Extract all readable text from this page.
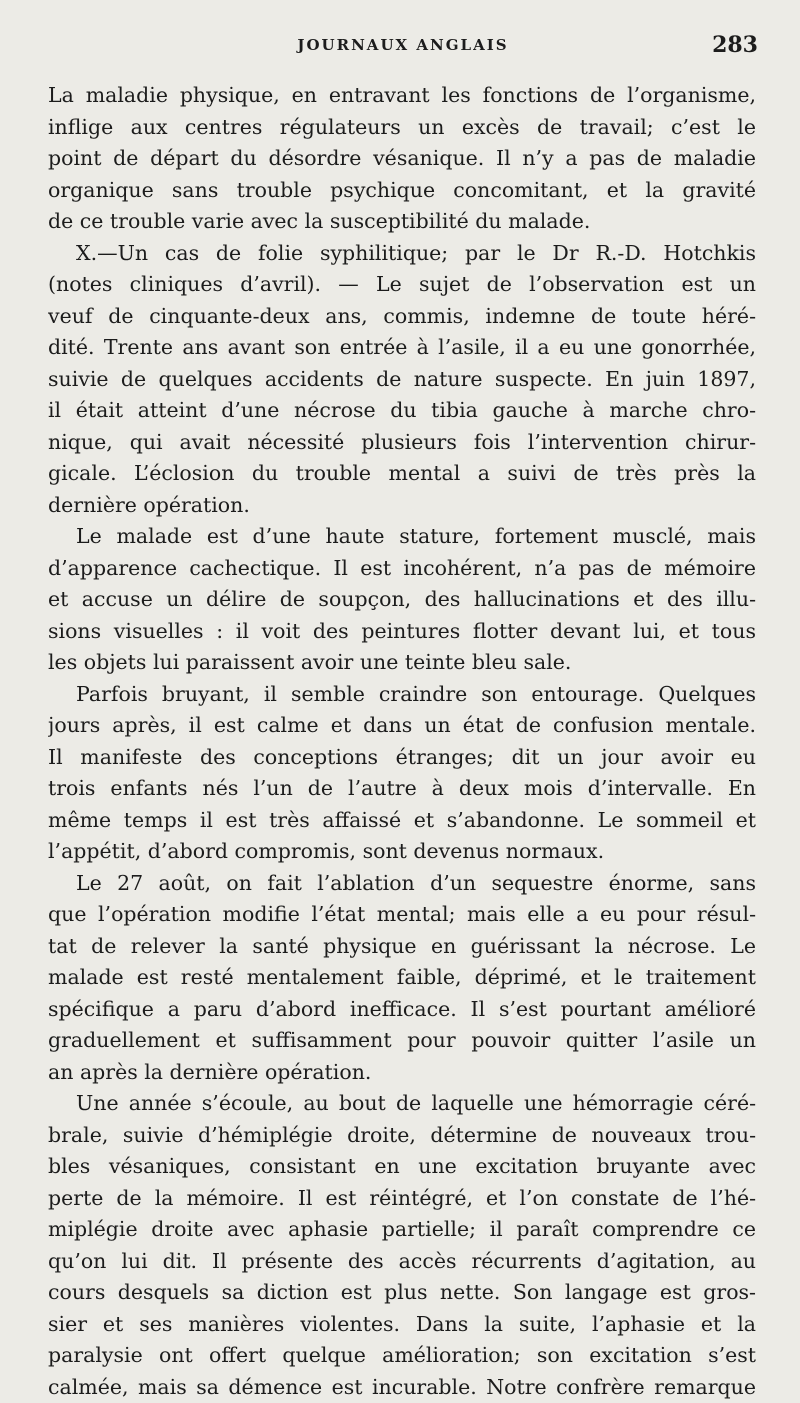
JOURNAUX ANGLAIS	283
La maladie physique, en entravant les fonctions de l’organisme,
inflige aux centres régulateurs un excès de travail; c’est le
point de départ du désordre vésanique. Il n’y a pas de maladie
organique sans trouble psychique concomitant, et la gravité
de ce trouble varie avec la susceptibilité du malade.
X.—Un cas de folie syphilitique; par le Dr R.-D. Hotchkis
(notes cliniques d’avril). — Le sujet de l’observation est un
veuf de cinquante-deux ans, commis, indemne de toute héré-
dité. Trente ans avant son entrée à l’asile, il a eu une gonorrhée,
suivie de quelques accidents de nature suspecte. En juin 1897,
il était atteint d’une nécrose du tibia gauche à marche chro-
nique, qui avait nécessité plusieurs fois l’intervention chirur-
gicale. L’éclosion du trouble mental a suivi de très près la
dernière opération.
Le malade est d’une haute stature, fortement musclé, mais
d’apparence cachectique. Il est incohérent, n’a pas de mémoire
et accuse un délire de soupçon, des hallucinations et des illu-
sions visuelles : il voit des peintures flotter devant lui, et tous
les objets lui paraissent avoir une teinte bleu sale.
Parfois bruyant, il semble craindre son entourage. Quelques
jours après, il est calme et dans un état de confusion mentale.
Il manifeste des conceptions étranges; dit un jour avoir eu
trois enfants nés l’un de l’autre à deux mois d’intervalle. En
même temps il est très affaissé et s’abandonne. Le sommeil et
l’appétit, d’abord compromis, sont devenus normaux.
Le 27 août, on fait l’ablation d’un sequestre énorme, sans
que l’opération modifie l’état mental; mais elle a eu pour résul-
tat de relever la santé physique en guérissant la nécrose. Le
malade est resté mentalement faible, déprimé, et le traitement
spécifique a paru d’abord inefficace. Il s’est pourtant amélioré
graduellement et suffisamment pour pouvoir quitter l’asile un
an après la dernière opération.
Une année s’écoule, au bout de laquelle une hémorragie céré-
brale, suivie d’hémiplégie droite, détermine de nouveaux trou-
bles vésaniques, consistant en une excitation bruyante avec
perte de la mémoire. Il est réintégré, et l’on constate de l’hé-
miplégie droite avec aphasie partielle; il paraît comprendre ce
qu’on lui dit. Il présente des accès récurrents d’agitation, au
cours desquels sa diction est plus nette. Son langage est gros-
sier et ses manières violentes. Dans la suite, l’aphasie et la
paralysie ont offert quelque amélioration; son excitation s’est
calmée, mais sa démence est incurable. Notre confrère remarque
